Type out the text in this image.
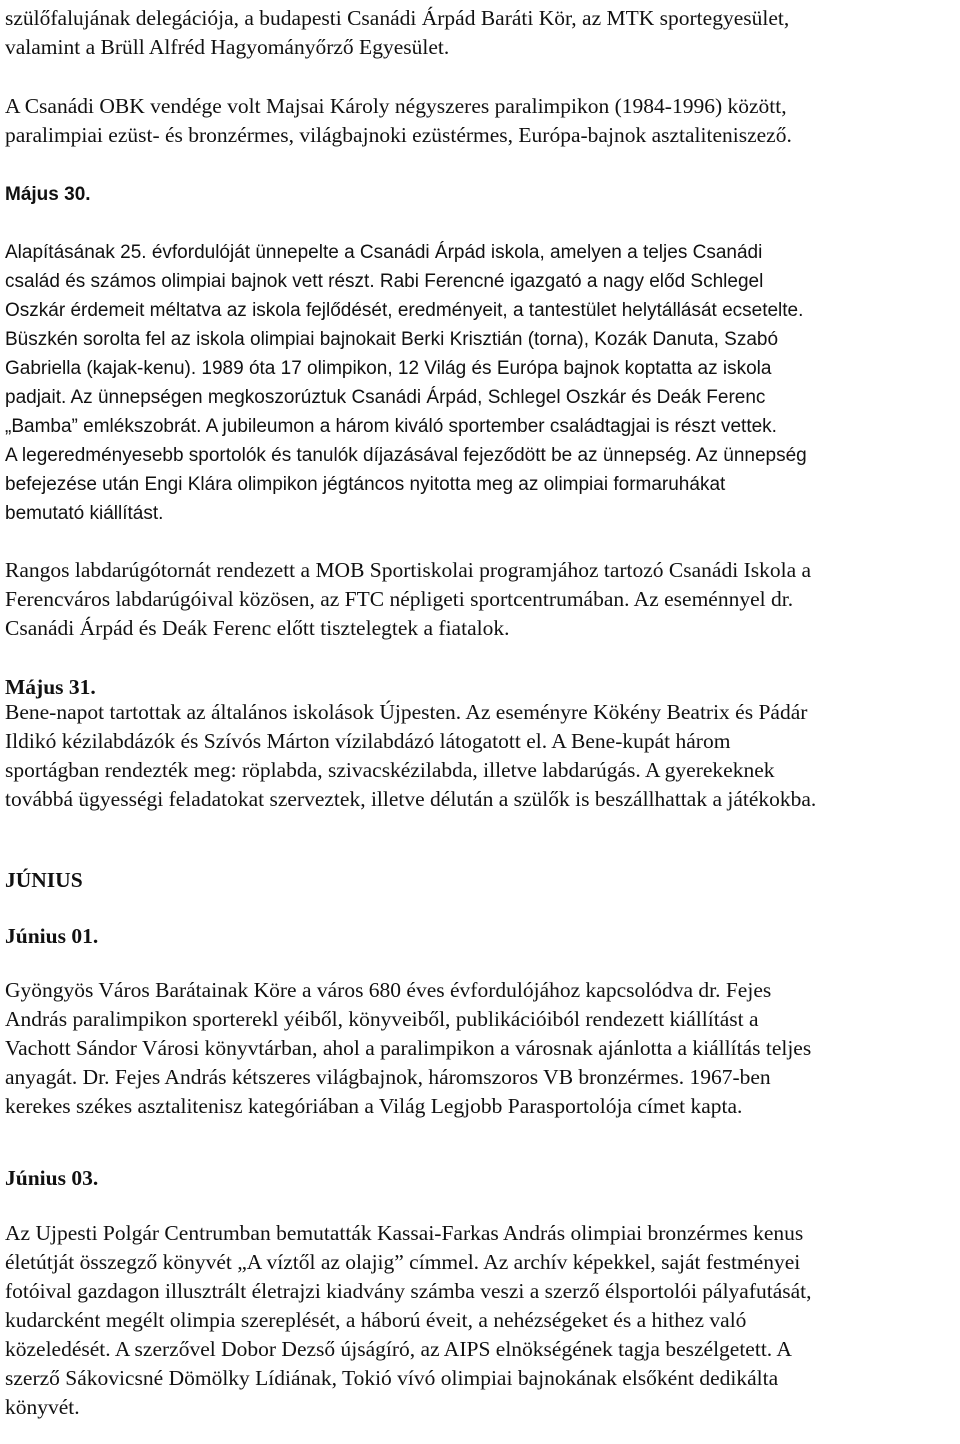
szülőfalujának delegációja, a budapesti Csanádi Árpád Baráti Kör, az MTK sportegyesület,
valamint a Brüll Alfréd Hagyományőrző Egyesület.
A Csanádi OBK vendége volt Majsai Károly négyszeres paralimpikon (1984-1996) között,
paralimpiai ezüst- és bronzérmes, világbajnoki ezüstérmes, Európa-bajnok asztaliteniszező.
Május 30.
Alapításának 25. évfordulóját ünnepelte a Csanádi Árpád iskola, amelyen a teljes Csanádi
család és számos olimpiai bajnok vett részt. Rabi Ferencné igazgató a nagy előd Schlegel
Oszkár érdemeit méltatva az iskola fejlődését, eredményeit, a tantestület helytállását ecsetelte.
Büszkén sorolta fel az iskola olimpiai bajnokait Berki Krisztián (torna), Kozák Danuta, Szabó
Gabriella (kajak-kenu). 1989 óta 17 olimpikon, 12 Világ és Európa bajnok koptatta az iskola
padjait. Az ünnepségen megkoszorúztuk Csanádi Árpád, Schlegel Oszkár és Deák Ferenc
„Bamba” emlékszobrát. A jubileumon a három kiváló sportember családtagjai is részt vettek.
A legeredményesebb sportolók és tanulók díjazásával fejeződött be az ünnepség. Az ünnepség
befejezése után Engi Klára olimpikon jégtáncos nyitotta meg az olimpiai formaruhákat
bemutató kiállítást.
Rangos labdarúgótornát rendezett a MOB Sportiskolai programjához tartozó Csanádi Iskola a
Ferencváros labdarúgóival közösen, az FTC népligeti sportcentrumában. Az eseménnyel dr.
Csanádi Árpád és Deák Ferenc előtt tisztelegtek a fiatalok.
Május 31.
Bene-napot tartottak az általános iskolások Újpesten. Az eseményre Kökény Beatrix és Pádár
Ildikó kézilabdázók és Szívós Márton vízilabdázó látogatott el. A Bene-kupát három
sportágban rendezték meg: röplabda, szivacskézilabda, illetve labdarúgás. A gyerekeknek
továbbá ügyességi feladatokat szerveztek, illetve délután a szülők is beszállhattak a játékokba.
JÚNIUS
Június 01.
Gyöngyös Város Barátainak Köre a város 680 éves évfordulójához kapcsolódva dr. Fejes
András paralimpikon sporterekl yéiből, könyveiből, publikációiból rendezett kiállítást a
Vachott Sándor Városi könyvtárban, ahol a paralimpikon a városnak ajánlotta a kiállítás teljes
anyagát. Dr. Fejes András kétszeres világbajnok, háromszoros VB bronzérmes. 1967-ben
kerekes székes asztalitenisz kategóriában a Világ Legjobb Parasportolója címet kapta.
Június 03.
Az Ujpesti Polgár Centrumban bemutatták Kassai-Farkas András olimpiai bronzérmes kenus
életútját összegző könyvét „A víztől az olajig” címmel. Az archív képekkel, saját festményei
fotóival gazdagon illusztrált életrajzi kiadvány számba veszi a szerző élsportolói pályafutását,
kudarcként megélt olimpia szereplését, a háború éveit, a nehézségeket és a hithez való
közeledését. A szerzővel Dobor Dezső újságíró, az AIPS elnökségének tagja beszélgetett. A
szerző Sákovicsné Dömölky Lídiának, Tokió vívó olimpiai bajnokának elsőként dedikálta
könyvét.
